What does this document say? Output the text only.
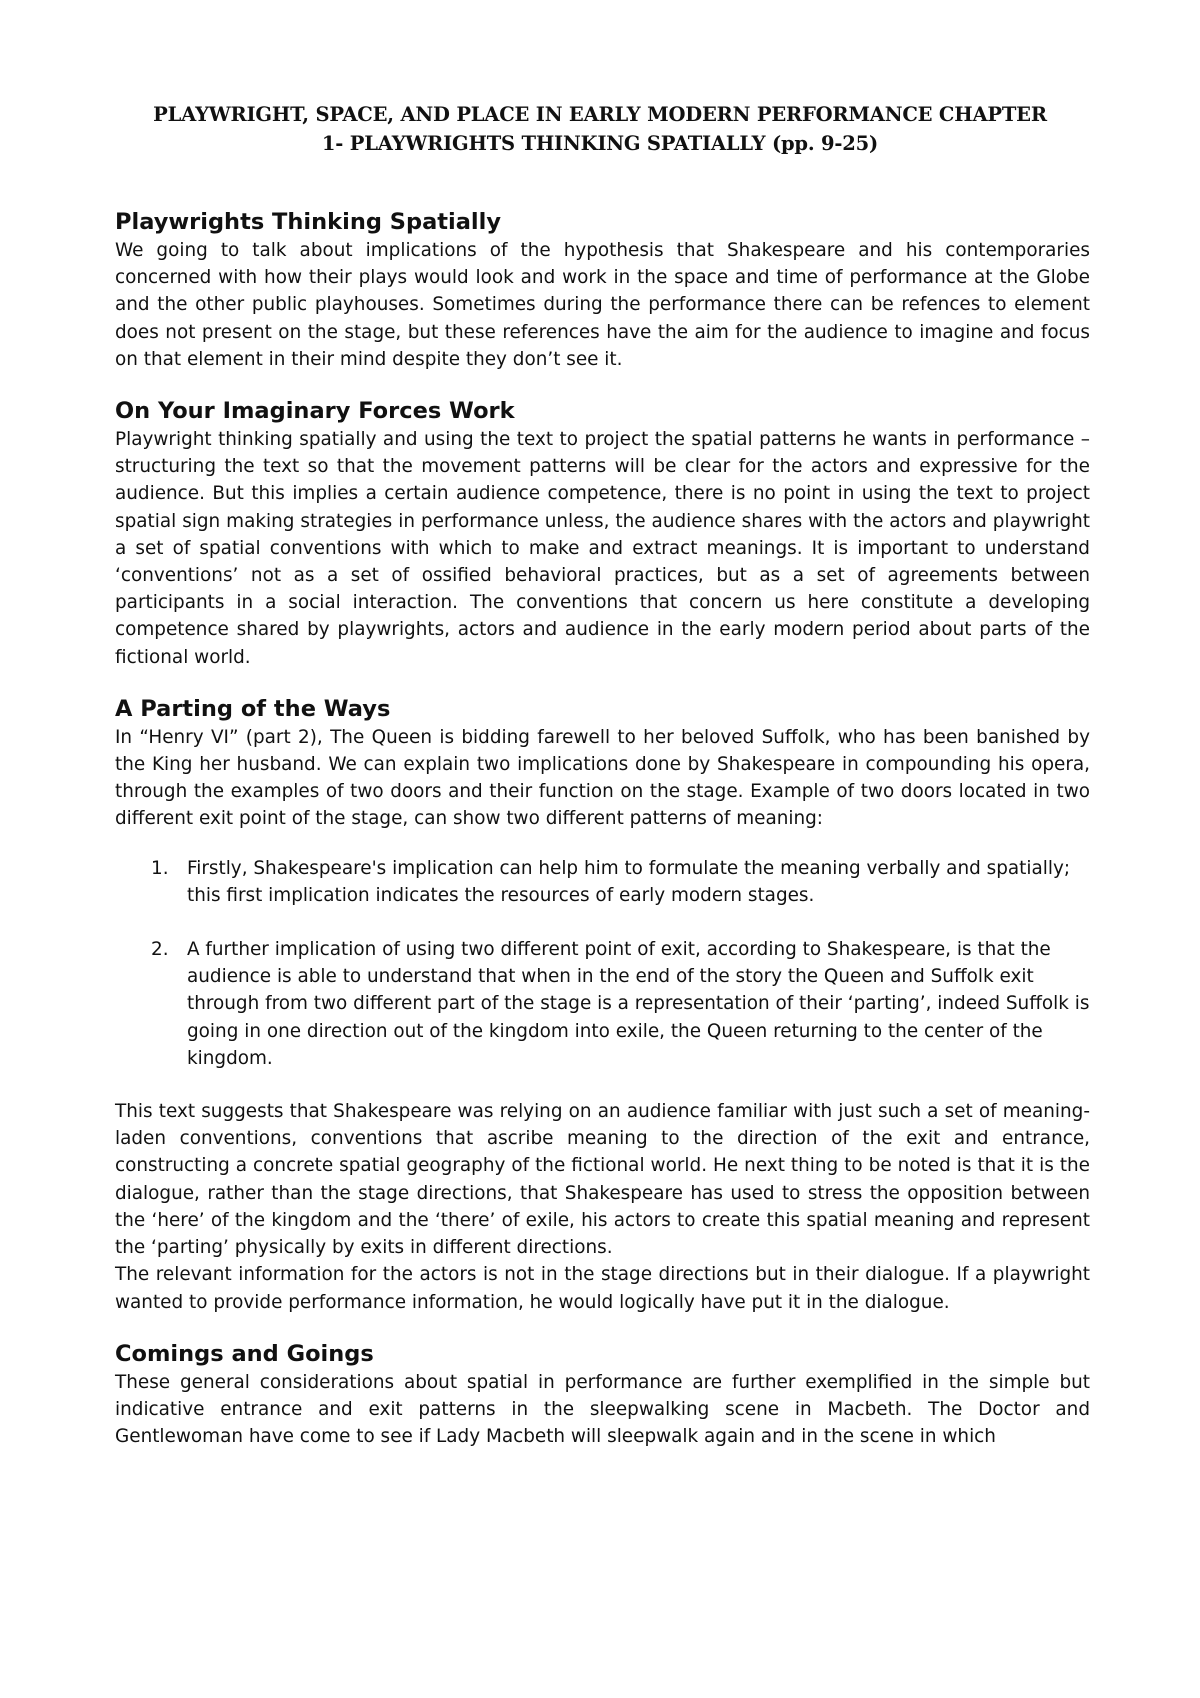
PLAYWRIGHT, SPACE, AND PLACE IN EARLY MODERN PERFORMANCE CHAPTER
1- PLAYWRIGHTS THINKING SPATIALLY (pp. 9-25)
Playwrights Thinking Spatially

We going to talk about implications of the hypothesis that Shakespeare and his contemporaries concerned with how their plays would look and work in the space and time of performance at the Globe and the other public playhouses. Sometimes during the performance there can be refences to element does not present on the stage, but these references have the aim for the audience to imagine and focus on that element in their mind despite they don’t see it.

On Your Imaginary Forces Work

Playwright thinking spatially and using the text to project the spatial patterns he wants in performance – structuring the text so that the movement patterns will be clear for the actors and expressive for the audience. But this implies a certain audience competence, there is no point in using the text to project spatial sign making strategies in performance unless, the audience shares with the actors and playwright a set of spatial conventions with which to make and extract meanings. It is important to understand ‘conventions’ not as a set of ossified behavioral practices, but as a set of agreements between participants in a social interaction. The conventions that concern us here constitute a developing competence shared by playwrights, actors and audience in the early modern period about parts of the fictional world.

A Parting of the Ways

In “Henry VI” (part 2), The Queen is bidding farewell to her beloved Suffolk, who has been banished by the King her husband. We can explain two implications done by Shakespeare in compounding his opera, through the examples of two doors and their function on the stage. Example of two doors located in two different exit point of the stage, can show two different patterns of meaning:

1. Firstly, Shakespeare's implication can help him to formulate the meaning verbally and spatially; this first implication indicates the resources of early modern stages.
2. A further implication of using two different point of exit, according to Shakespeare, is that the audience is able to understand that when in the end of the story the Queen and Suffolk exit through from two different part of the stage is a representation of their ‘parting’, indeed Suffolk is going in one direction out of the kingdom into exile, the Queen returning to the center of the kingdom.

This text suggests that Shakespeare was relying on an audience familiar with just such a set of meaning-laden conventions, conventions that ascribe meaning to the direction of the exit and entrance, constructing a concrete spatial geography of the fictional world. He next thing to be noted is that it is the dialogue, rather than the stage directions, that Shakespeare has used to stress the opposition between the ‘here’ of the kingdom and the ‘there’ of exile, his actors to create this spatial meaning and represent the ‘parting’ physically by exits in different directions.

The relevant information for the actors is not in the stage directions but in their dialogue. If a playwright wanted to provide performance information, he would logically have put it in the dialogue.

Comings and Goings

These general considerations about spatial in performance are further exemplified in the simple but indicative entrance and exit patterns in the sleepwalking scene in Macbeth. The Doctor and Gentlewoman have come to see if Lady Macbeth will sleepwalk again and in the scene in which
